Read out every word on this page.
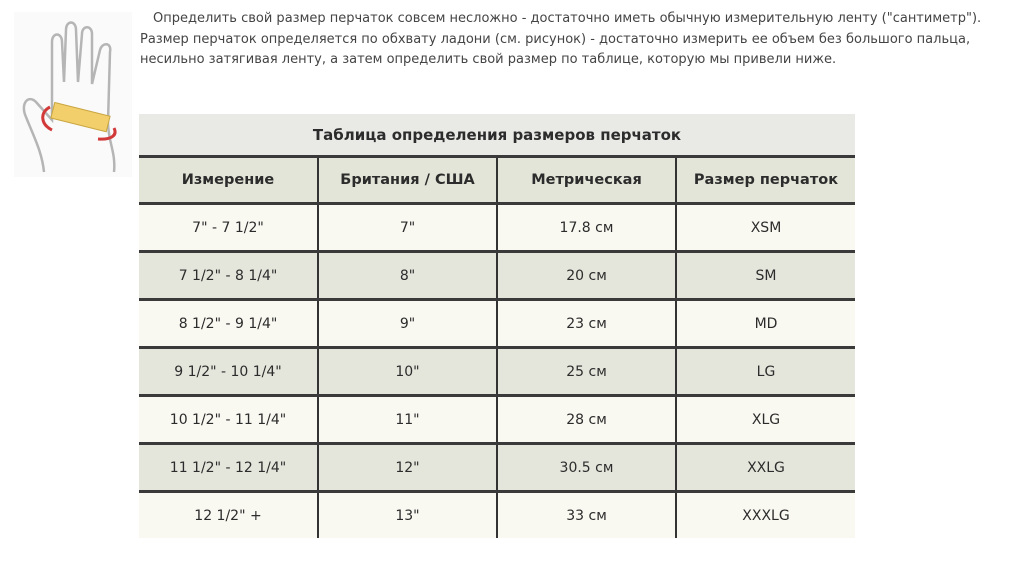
Определить свой размер перчаток совсем несложно - достаточно иметь обычную измерительную ленту ("сантиметр"). Размер перчаток определяется по обхвату ладони (см. рисунок) - достаточно измерить ее объем без большого пальца, несильно затягивая ленту, а затем определить свой размер по таблице, которую мы привели ниже.
Таблица определения размеров перчаток
Измерение	Британия / США	Метрическая	Размер перчаток
7" - 7 1/2"	7"	17.8 см	XSM
7 1/2" - 8 1/4"	8"	20 см	SM
8 1/2" - 9 1/4"	9"	23 см	MD
9 1/2" - 10 1/4"	10"	25 см	LG
10 1/2" - 11 1/4"	11"	28 см	XLG
11 1/2" - 12 1/4"	12"	30.5 см	XXLG
12 1/2" +	13"	33 см	XXXLG
